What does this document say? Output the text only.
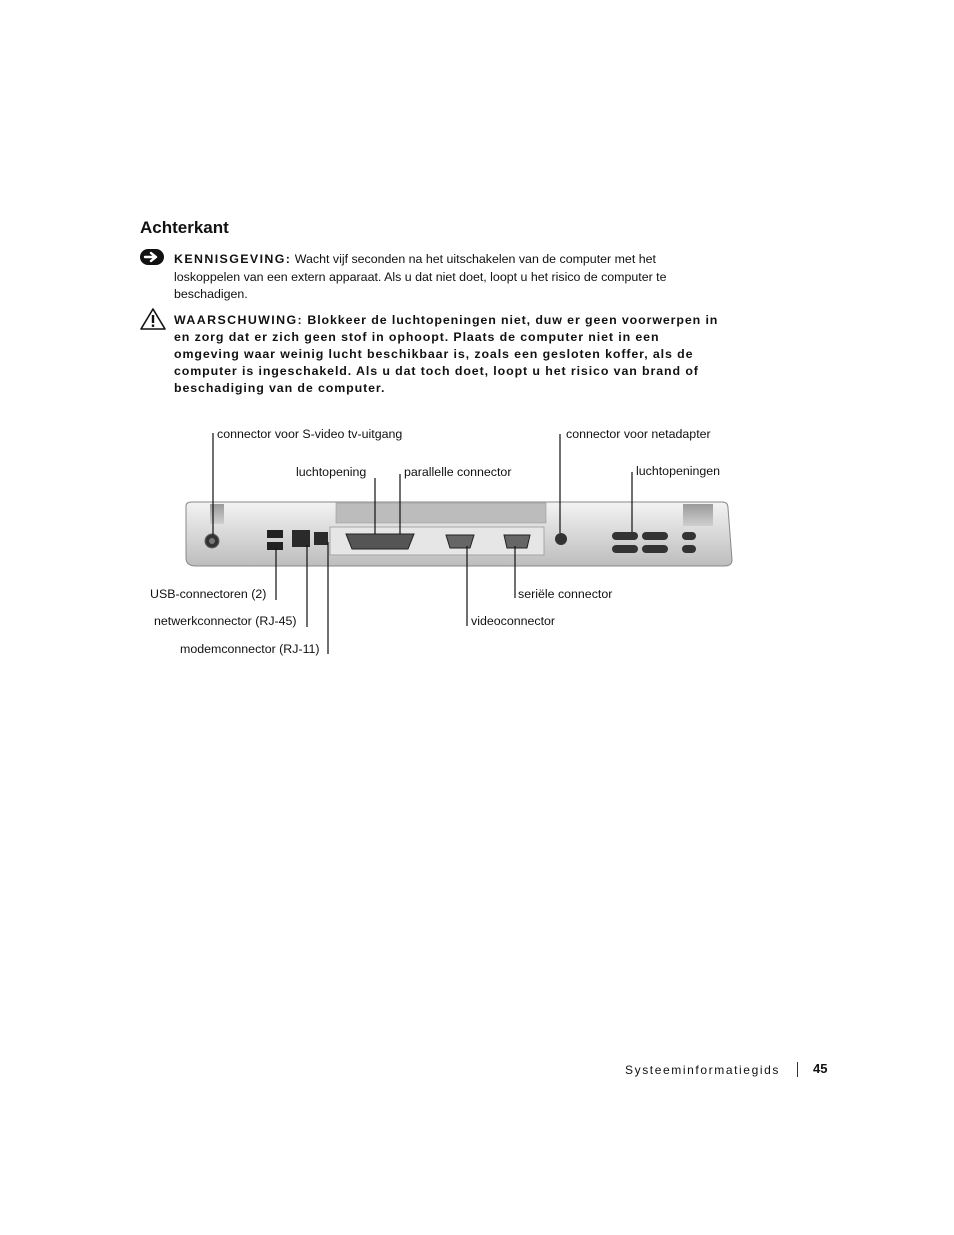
Achterkant
KENNISGEVING: Wacht vijf seconden na het uitschakelen van de computer met het loskoppelen van een extern apparaat. Als u dat niet doet, loopt u het risico de computer te beschadigen.
WAARSCHUWING: Blokkeer de luchtopeningen niet, duw er geen voorwerpen in en zorg dat er zich geen stof in ophoopt. Plaats de computer niet in een omgeving waar weinig lucht beschikbaar is, zoals een gesloten koffer, als de computer is ingeschakeld. Als u dat toch doet, loopt u het risico van brand of beschadiging van de computer.
connector voor S-video tv-uitgang	connector voor netadapter
luchtopening	parallelle connector	luchtopeningen
USB-connectoren (2)	seriële connector
netwerkconnector (RJ-45)	videoconnector
modemconnector (RJ-11)
Systeeminformatiegids	45
